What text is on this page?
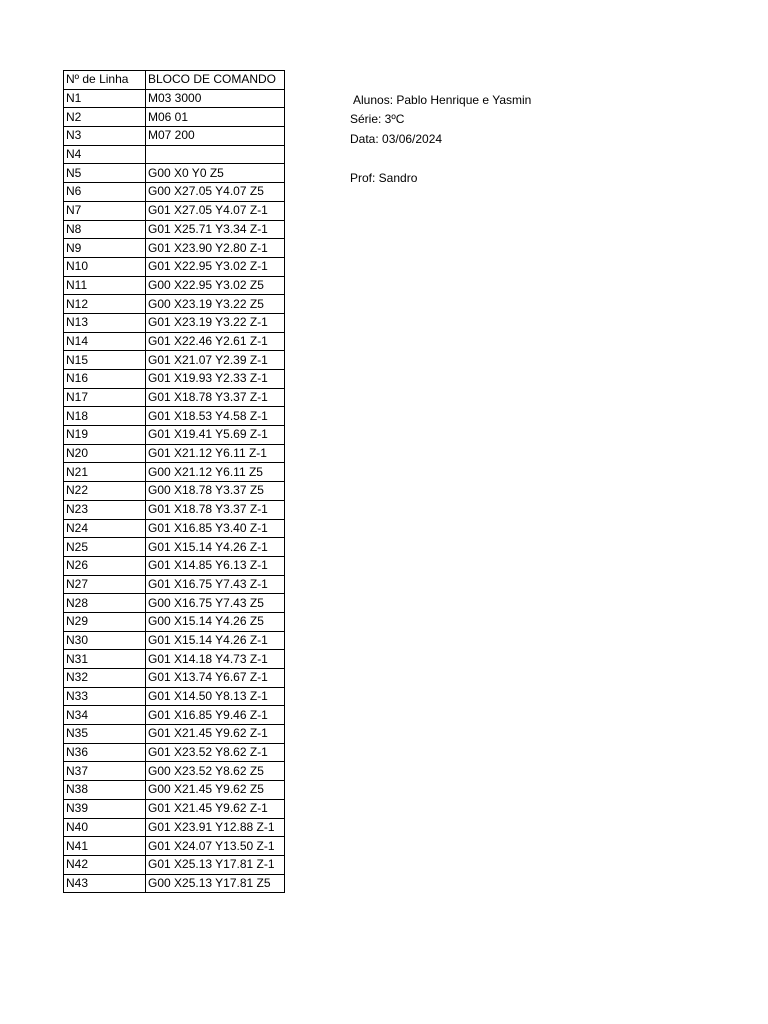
Nº de Linha	BLOCO DE COMANDO
N1	M03 3000
N2	M06 01
N3	M07 200
N4	
N5	G00 X0 Y0 Z5
N6	G00 X27.05 Y4.07 Z5
N7	G01 X27.05 Y4.07 Z-1
N8	G01 X25.71 Y3.34 Z-1
N9	G01 X23.90 Y2.80 Z-1
N10	G01 X22.95 Y3.02 Z-1
N11	G00 X22.95 Y3.02 Z5
N12	G00 X23.19 Y3.22 Z5
N13	G01 X23.19 Y3.22 Z-1
N14	G01 X22.46 Y2.61 Z-1
N15	G01 X21.07 Y2.39 Z-1
N16	G01 X19.93 Y2.33 Z-1
N17	G01 X18.78 Y3.37 Z-1
N18	G01 X18.53 Y4.58 Z-1
N19	G01 X19.41 Y5.69 Z-1
N20	G01 X21.12 Y6.11 Z-1
N21	G00 X21.12 Y6.11 Z5
N22	G00 X18.78 Y3.37 Z5
N23	G01 X18.78 Y3.37 Z-1
N24	G01 X16.85 Y3.40 Z-1
N25	G01 X15.14 Y4.26 Z-1
N26	G01 X14.85 Y6.13 Z-1
N27	G01 X16.75 Y7.43 Z-1
N28	G00 X16.75 Y7.43 Z5
N29	G00 X15.14 Y4.26 Z5
N30	G01 X15.14 Y4.26 Z-1
N31	G01 X14.18 Y4.73 Z-1
N32	G01 X13.74 Y6.67 Z-1
N33	G01 X14.50 Y8.13 Z-1
N34	G01 X16.85 Y9.46 Z-1
N35	G01 X21.45 Y9.62 Z-1
N36	G01 X23.52 Y8.62 Z-1
N37	G00 X23.52 Y8.62 Z5
N38	G00 X21.45 Y9.62 Z5
N39	G01 X21.45 Y9.62 Z-1
N40	G01 X23.91 Y12.88 Z-1
N41	G01 X24.07 Y13.50 Z-1
N42	G01 X25.13 Y17.81 Z-1
N43	G00 X25.13 Y17.81 Z5
Alunos: Pablo Henrique e Yasmin
Série: 3ºC
Data: 03/06/2024
Prof: Sandro
